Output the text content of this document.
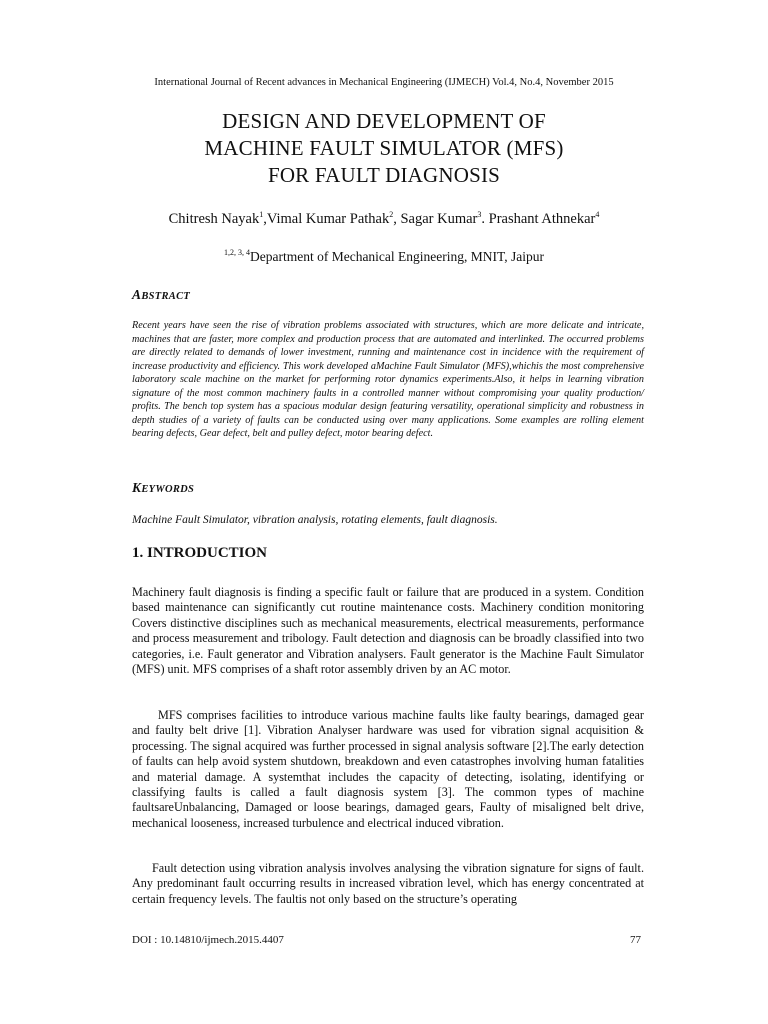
International Journal of Recent advances in Mechanical Engineering (IJMECH) Vol.4, No.4, November 2015
DESIGN AND DEVELOPMENT OF
MACHINE FAULT SIMULATOR (MFS)
FOR FAULT DIAGNOSIS
Chitresh Nayak$^1$,Vimal Kumar Pathak$^2$, Sagar Kumar$^3$. Prashant Athnekar$^4$
$^{1,2, 3, 4}$Department of Mechanical Engineering, MNIT, Jaipur
ABSTRACT
Recent years have seen the rise of vibration problems associated with structures, which are more delicate and intricate, machines that are faster, more complex and production process that are automated and interlinked. The occurred problems are directly related to demands of lower investment, running and maintenance cost in incidence with the requirement of increase productivity and efficiency. This work developed aMachine Fault Simulator (MFS),whichis the most comprehensive laboratory scale machine on the market for performing rotor dynamics experiments.Also, it helps in learning vibration signature of the most common machinery faults in a controlled manner without compromising your quality production/ profits. The bench top system has a spacious modular design featuring versatility, operational simplicity and robustness in depth studies of a variety of faults can be conducted using over many applications. Some examples are rolling element bearing defects, Gear defect, belt and pulley defect, motor bearing defect.
KEYWORDS
Machine Fault Simulator, vibration analysis, rotating elements, fault diagnosis.
1. INTRODUCTION
Machinery fault diagnosis is finding a specific fault or failure that are produced in a system. Condition based maintenance can significantly cut routine maintenance costs. Machinery condition monitoring Covers distinctive disciplines such as mechanical measurements, electrical measurements, performance and process measurement and tribology. Fault detection and diagnosis can be broadly classified into two categories, i.e. Fault generator and Vibration analysers. Fault generator is the Machine Fault Simulator (MFS) unit. MFS comprises of a shaft rotor assembly driven by an AC motor.
MFS comprises facilities to introduce various machine faults like faulty bearings, damaged gear and faulty belt drive [1]. Vibration Analyser hardware was used for vibration signal acquisition & processing. The signal acquired was further processed in signal analysis software [2].The early detection of faults can help avoid system shutdown, breakdown and even catastrophes involving human fatalities and material damage. A systemthat includes the capacity of detecting, isolating, identifying or classifying faults is called a fault diagnosis system [3]. The common types of machine faultsareUnbalancing, Damaged or loose bearings, damaged gears, Faulty of misaligned belt drive, mechanical looseness, increased turbulence and electrical induced vibration.
Fault detection using vibration analysis involves analysing the vibration signature for signs of fault. Any predominant fault occurring results in increased vibration level, which has energy concentrated at certain frequency levels. The faultis not only based on the structure’s operating
DOI : 10.14810/ijmech.2015.4407	77
